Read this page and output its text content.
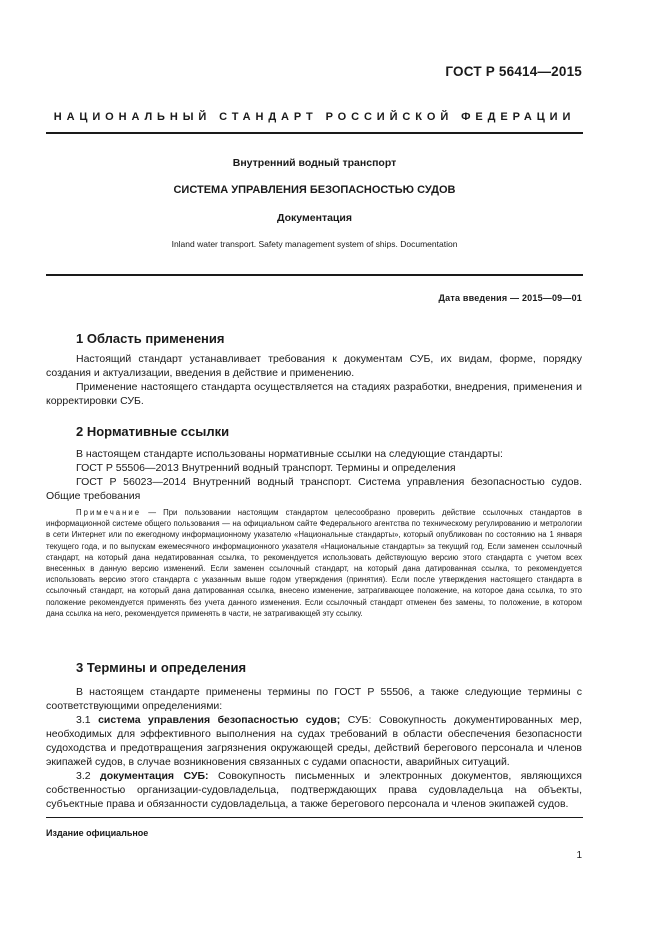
ГОСТ Р 56414—2015
НАЦИОНАЛЬНЫЙ СТАНДАРТ РОССИЙСКОЙ ФЕДЕРАЦИИ
Внутренний водный транспорт
СИСТЕМА УПРАВЛЕНИЯ БЕЗОПАСНОСТЬЮ СУДОВ
Документация
Inland water transport. Safety management system of ships. Documentation
Дата введения — 2015—09—01
1 Область применения

Настоящий стандарт устанавливает требования к документам СУБ, их видам, форме, порядку создания и актуализации, введения в действие и применению.

Применение настоящего стандарта осуществляется на стадиях разработки, внедрения, применения и корректировки СУБ.

2 Нормативные ссылки

В настоящем стандарте использованы нормативные ссылки на следующие стандарты:

ГОСТ Р 55506—2013 Внутренний водный транспорт. Термины и определения

ГОСТ Р 56023—2014 Внутренний водный транспорт. Система управления безопасностью судов. Общие требования

Примечание — При пользовании настоящим стандартом целесообразно проверить действие ссылочных стандартов в информационной системе общего пользования — на официальном сайте Федерального агентства по техническому регулированию и метрологии в сети Интернет или по ежегодному информационному указателю «Национальные стандарты», который опубликован по состоянию на 1 января текущего года, и по выпускам ежемесячного информационного указателя «Национальные стандарты» за текущий год. Если заменен ссылочный стандарт, на который дана недатированная ссылка, то рекомендуется использовать действующую версию этого стандарта с учетом всех внесенных в данную версию изменений. Если заменен ссылочный стандарт, на который дана датированная ссылка, то рекомендуется использовать версию этого стандарта с указанным выше годом утверждения (принятия). Если после утверждения настоящего стандарта в ссылочный стандарт, на который дана датированная ссылка, внесено изменение, затрагивающее положение, на которое дана ссылка, то это положение рекомендуется применять без учета данного изменения. Если ссылочный стандарт отменен без замены, то положение, в котором дана ссылка на него, рекомендуется применять в части, не затрагивающей эту ссылку.

3 Термины и определения

В настоящем стандарте применены термины по ГОСТ Р 55506, а также следующие термины с соответствующими определениями:

3.1 система управления безопасностью судов; СУБ: Совокупность документированных мер, необходимых для эффективного выполнения на судах требований в области обеспечения безопасности судоходства и предотвращения загрязнения окружающей среды, действий берегового персонала и членов экипажей судов, в случае возникновения связанных с судами опасности, аварийных ситуаций.

3.2 документация СУБ: Совокупность письменных и электронных документов, являющихся собственностью организации-судовладельца, подтверждающих права судовладельца на объекты, субъектные права и обязанности судовладельца, а также берегового персонала и членов экипажей судов.

Издание официальное
1
